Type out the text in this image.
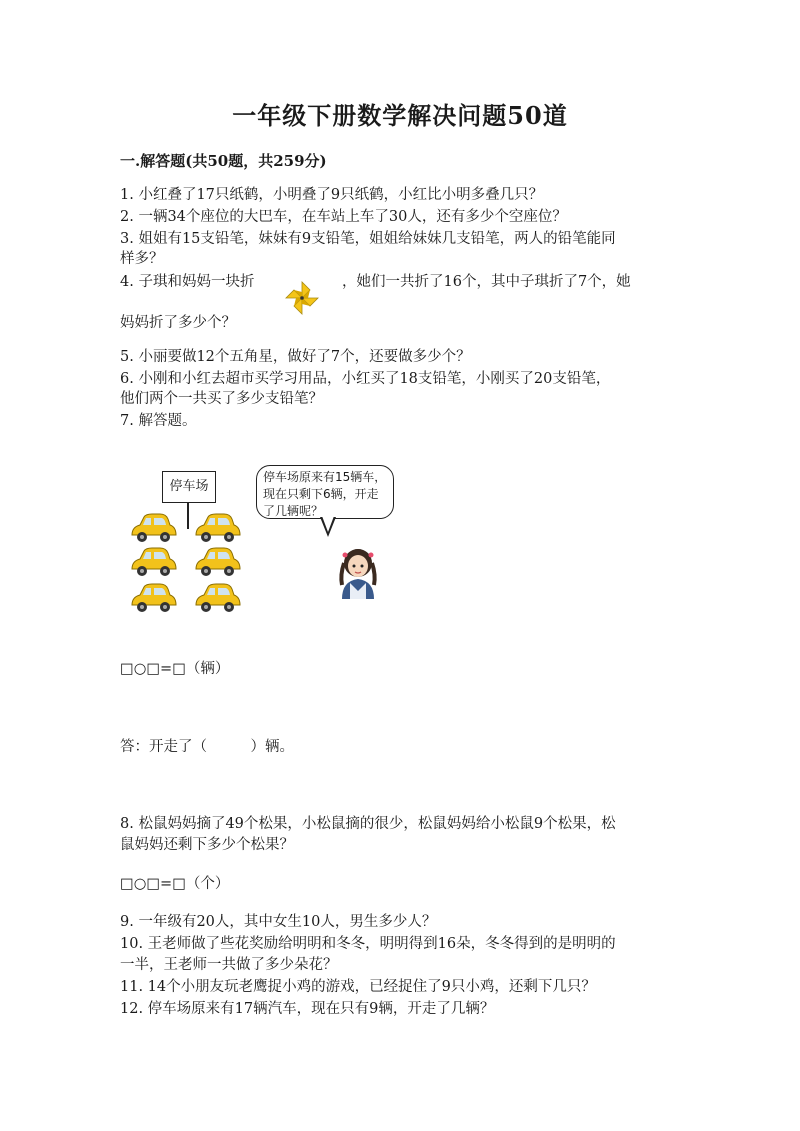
一年级下册数学解决问题50道
一.解答题(共50题，共259分)
1. 小红叠了17只纸鹤，小明叠了9只纸鹤，小红比小明多叠几只？
2. 一辆34个座位的大巴车，在车站上车了30人，还有多少个空座位？
3. 姐姐有15支铅笔，妹妹有9支铅笔，姐姐给妹妹几支铅笔，两人的铅笔能同
样多？
4. 子琪和妈妈一块折	，她们一共折了16个，其中子琪折了7个，她
妈妈折了多少个？
5. 小丽要做12个五角星，做好了7个，还要做多少个？
6. 小刚和小红去超市买学习用品，小红买了18支铅笔，小刚买了20支铅笔，
他们两个一共买了多少支铅笔？
7. 解答题。
停车场
停车场原来有15辆车，
现在只剩下6辆，开走
了几辆呢？
□○□=□（辆）
答：开走了（　　　）辆。
8. 松鼠妈妈摘了49个松果，小松鼠摘的很少，松鼠妈妈给小松鼠9个松果，松
鼠妈妈还剩下多少个松果？
□○□=□（个）
9. 一年级有20人，其中女生10人，男生多少人？
10. 王老师做了些花奖励给明明和冬冬，明明得到16朵，冬冬得到的是明明的
一半，王老师一共做了多少朵花？
11. 14个小朋友玩老鹰捉小鸡的游戏，已经捉住了9只小鸡，还剩下几只？
12. 停车场原来有17辆汽车，现在只有9辆，开走了几辆？
